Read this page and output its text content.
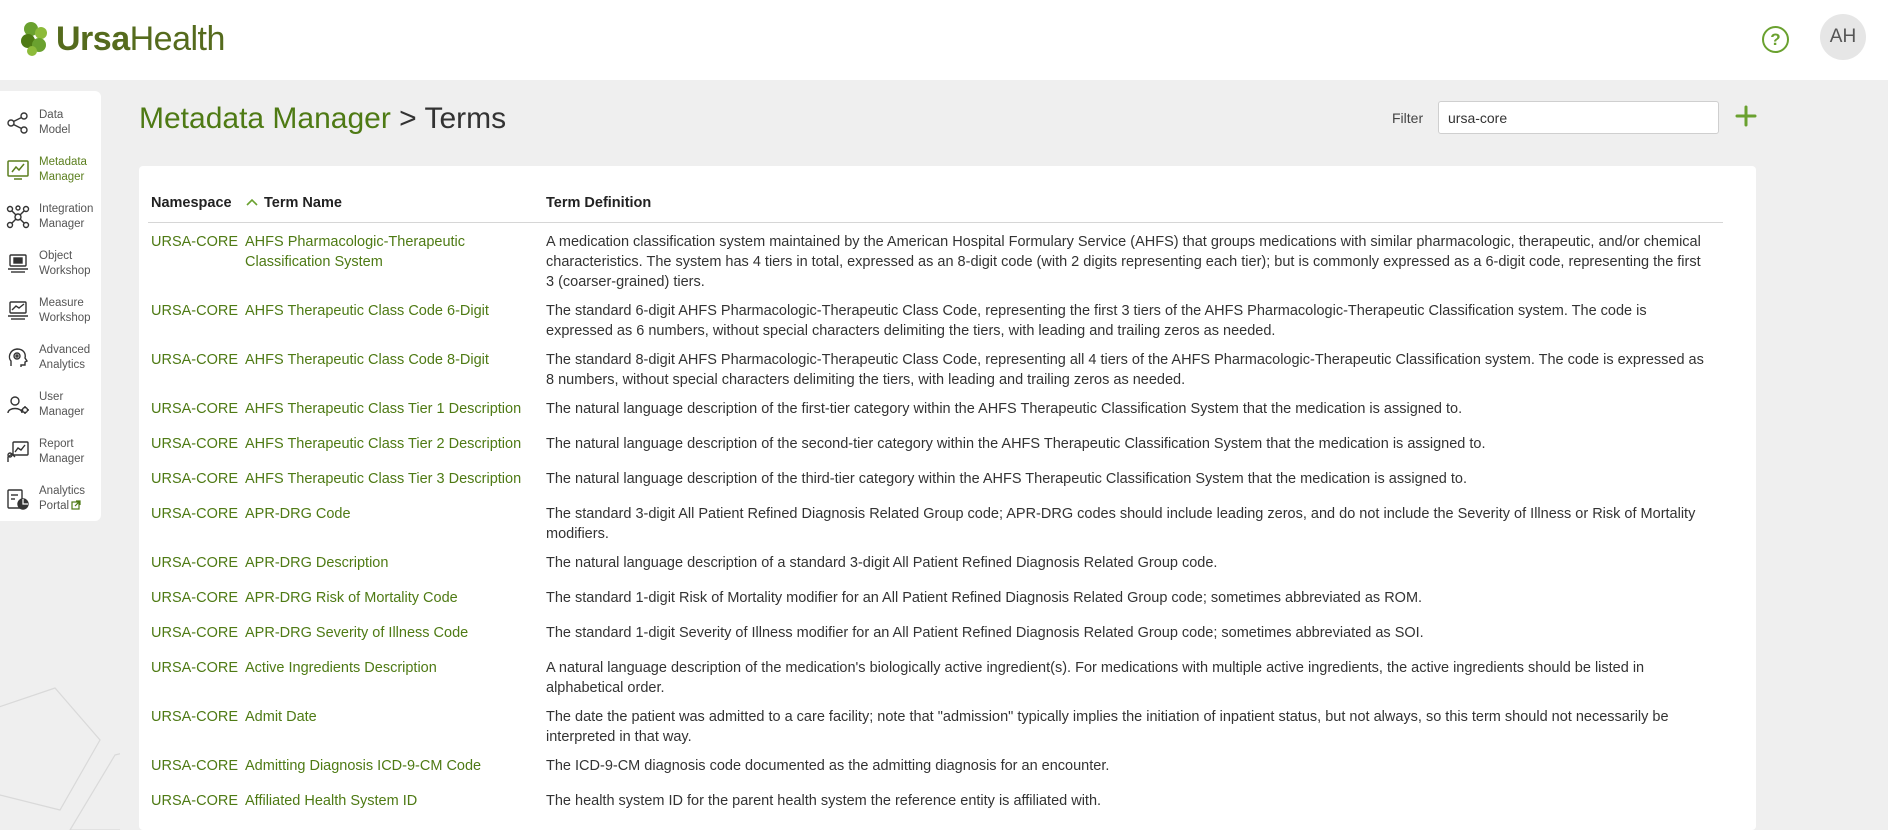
UrsaHealth	?	AH
Data
Model
Metadata
Manager
Integration
Manager
Object
Workshop
Measure
Workshop
Advanced
Analytics
User
Manager
Report
Manager
Analytics
Portal
Metadata Manager > Terms	Filter
ursa-core
Namespace	Term Name	Term Definition
URSA-CORE	AHFS Pharmacologic-Therapeutic Classification System	A medication classification system maintained by the American Hospital Formulary Service (AHFS) that groups medications with similar pharmacologic, therapeutic, and/or chemical characteristics. The system has 4 tiers in total, expressed as an 8-digit code (with 2 digits representing each tier); but is commonly expressed as a 6-digit code, representing the first 3 (coarser-grained) tiers.
URSA-CORE	AHFS Therapeutic Class Code 6-Digit	The standard 6-digit AHFS Pharmacologic-Therapeutic Class Code, representing the first 3 tiers of the AHFS Pharmacologic-Therapeutic Classification system. The code is expressed as 6 numbers, without special characters delimiting the tiers, with leading and trailing zeros as needed.
URSA-CORE	AHFS Therapeutic Class Code 8-Digit	The standard 8-digit AHFS Pharmacologic-Therapeutic Class Code, representing all 4 tiers of the AHFS Pharmacologic-Therapeutic Classification system. The code is expressed as 8 numbers, without special characters delimiting the tiers, with leading and trailing zeros as needed.
URSA-CORE	AHFS Therapeutic Class Tier 1 Description	The natural language description of the first-tier category within the AHFS Therapeutic Classification System that the medication is assigned to.
URSA-CORE	AHFS Therapeutic Class Tier 2 Description	The natural language description of the second-tier category within the AHFS Therapeutic Classification System that the medication is assigned to.
URSA-CORE	AHFS Therapeutic Class Tier 3 Description	The natural language description of the third-tier category within the AHFS Therapeutic Classification System that the medication is assigned to.
URSA-CORE	APR-DRG Code	The standard 3-digit All Patient Refined Diagnosis Related Group code; APR-DRG codes should include leading zeros, and do not include the Severity of Illness or Risk of Mortality modifiers.
URSA-CORE	APR-DRG Description	The natural language description of a standard 3-digit All Patient Refined Diagnosis Related Group code.
URSA-CORE	APR-DRG Risk of Mortality Code	The standard 1-digit Risk of Mortality modifier for an All Patient Refined Diagnosis Related Group code; sometimes abbreviated as ROM.
URSA-CORE	APR-DRG Severity of Illness Code	The standard 1-digit Severity of Illness modifier for an All Patient Refined Diagnosis Related Group code; sometimes abbreviated as SOI.
URSA-CORE	Active Ingredients Description	A natural language description of the medication's biologically active ingredient(s). For medications with multiple active ingredients, the active ingredients should be listed in alphabetical order.
URSA-CORE	Admit Date	The date the patient was admitted to a care facility; note that "admission" typically implies the initiation of inpatient status, but not always, so this term should not necessarily be interpreted in that way.
URSA-CORE	Admitting Diagnosis ICD-9-CM Code	The ICD-9-CM diagnosis code documented as the admitting diagnosis for an encounter.
URSA-CORE	Affiliated Health System ID	The health system ID for the parent health system the reference entity is affiliated with.
